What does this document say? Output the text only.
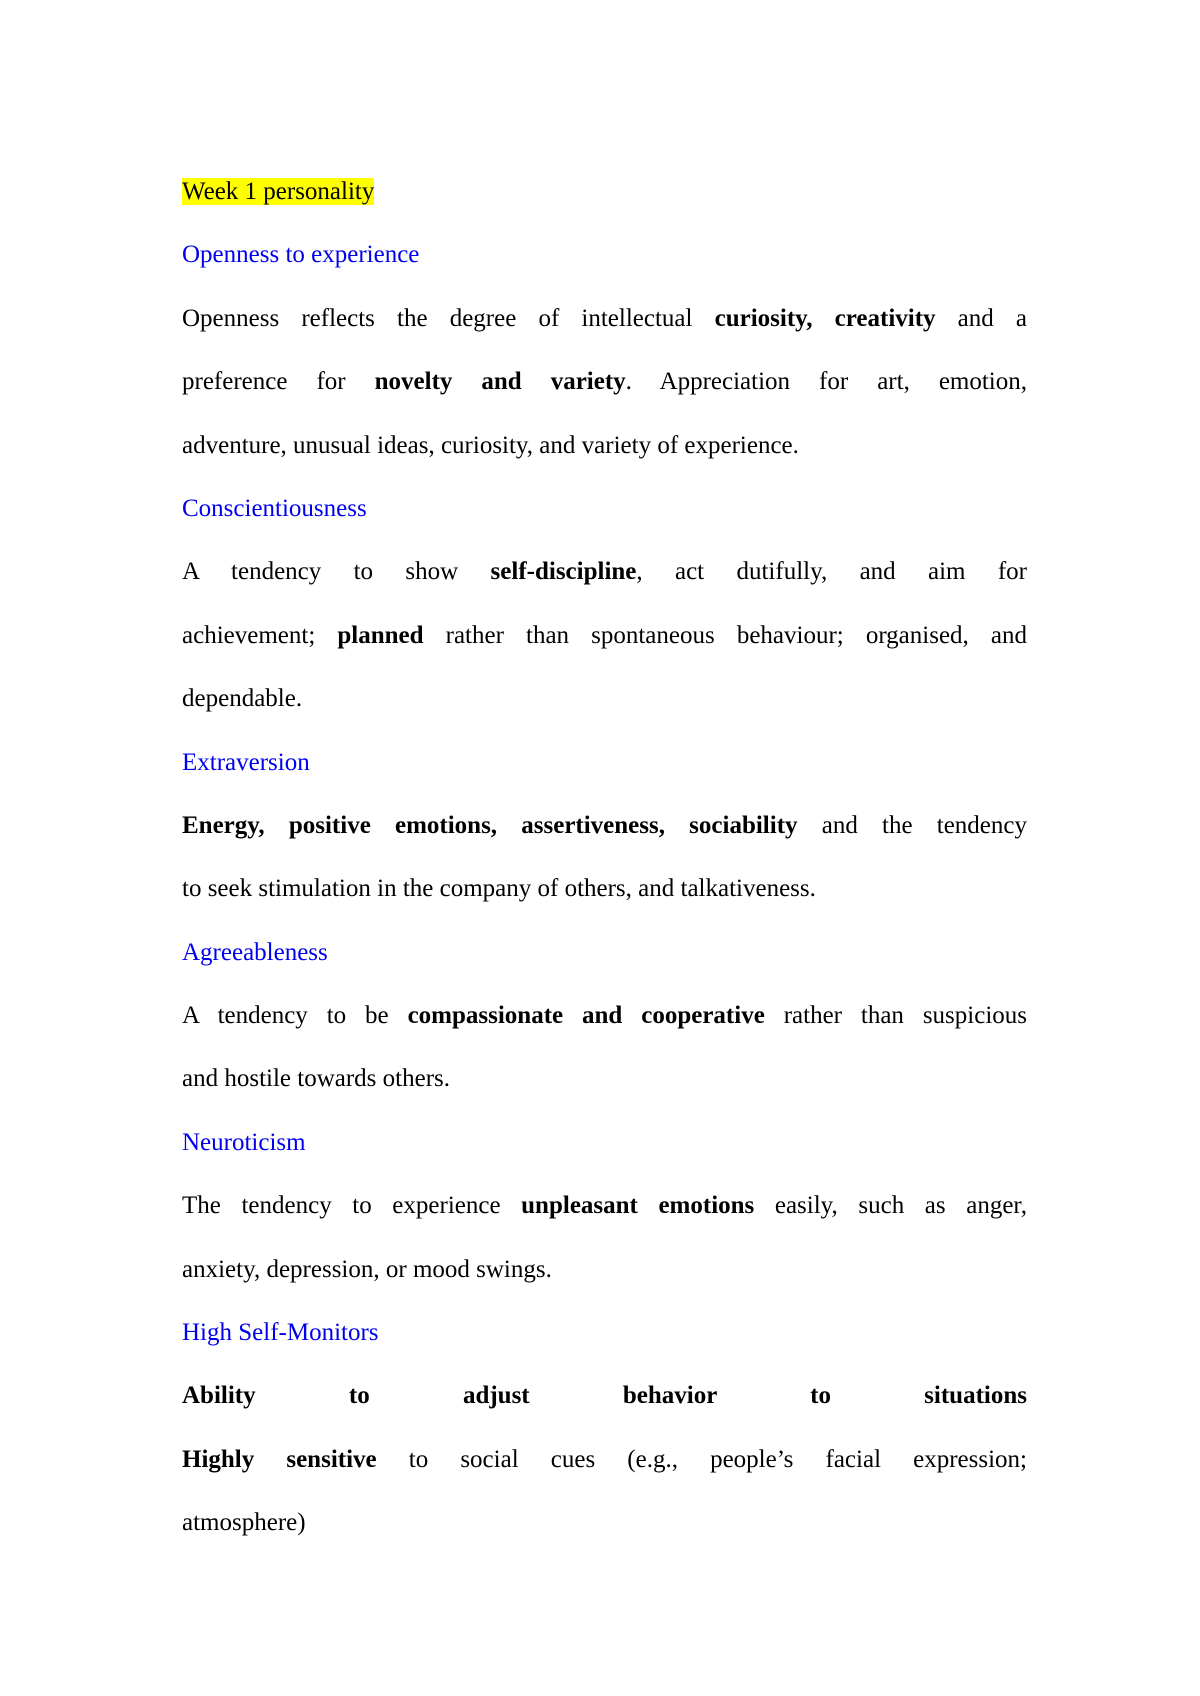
Week 1 personality
Openness to experience
Openness reflects the degree of intellectual curiosity, creativity and a
preference for novelty and variety. Appreciation for art, emotion,
adventure, unusual ideas, curiosity, and variety of experience.
Conscientiousness
A tendency to show self-discipline, act dutifully, and aim for
achievement; planned rather than spontaneous behaviour; organised, and
dependable.
Extraversion
Energy, positive emotions, assertiveness, sociability and the tendency
to seek stimulation in the company of others, and talkativeness.
Agreeableness
A tendency to be compassionate and cooperative rather than suspicious
and hostile towards others.
Neuroticism
The tendency to experience unpleasant emotions easily, such as anger,
anxiety, depression, or mood swings.
High Self-Monitors
Ability to adjust behavior to situations
Highly sensitive to social cues (e.g., people’s facial expression;
atmosphere)
